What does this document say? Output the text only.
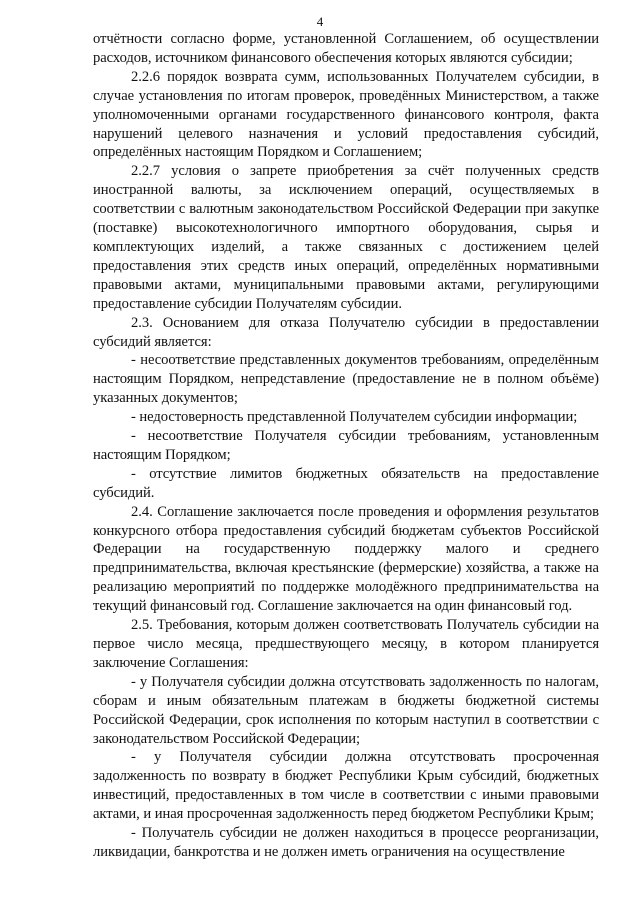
4

отчётности согласно форме, установленной Соглашением, об осуществлении расходов, источником финансового обеспечения которых являются субсидии;

2.2.6 порядок возврата сумм, использованных Получателем субсидии, в случае установления по итогам проверок, проведённых Министерством, а также уполномоченными органами государственного финансового контроля, факта нарушений целевого назначения и условий предоставления субсидий, определённых настоящим Порядком и Соглашением;

2.2.7 условия о запрете приобретения за счёт полученных средств иностранной валюты, за исключением операций, осуществляемых в соответствии с валютным законодательством Российской Федерации при закупке (поставке) высокотехнологичного импортного оборудования, сырья и комплектующих изделий, а также связанных с достижением целей предоставления этих средств иных операций, определённых нормативными правовыми актами, муниципальными правовыми актами, регулирующими предоставление субсидии Получателям субсидии.

2.3. Основанием для отказа Получателю субсидии в предоставлении субсидий является:

- несоответствие представленных документов требованиям, определённым настоящим Порядком, непредставление (предоставление не в полном объёме) указанных документов;

- недостоверность представленной Получателем субсидии информации;

- несоответствие Получателя субсидии требованиям, установленным настоящим Порядком;

- отсутствие лимитов бюджетных обязательств на предоставление субсидий.

2.4. Соглашение заключается после проведения и оформления результатов конкурсного отбора предоставления субсидий бюджетам субъектов Российской Федерации на государственную поддержку малого и среднего предпринимательства, включая крестьянские (фермерские) хозяйства, а также на реализацию мероприятий по поддержке молодёжного предпринимательства на текущий финансовый год. Соглашение заключается на один финансовый год.

2.5. Требования, которым должен соответствовать Получатель субсидии на первое число месяца, предшествующего месяцу, в котором планируется заключение Соглашения:

- у Получателя субсидии должна отсутствовать задолженность по налогам, сборам и иным обязательным платежам в бюджеты бюджетной системы Российской Федерации, срок исполнения по которым наступил в соответствии с законодательством Российской Федерации;

- у Получателя субсидии должна отсутствовать просроченная задолженность по возврату в бюджет Республики Крым субсидий, бюджетных инвестиций, предоставленных в том числе в соответствии с иными правовыми актами, и иная просроченная задолженность перед бюджетом Республики Крым;

- Получатель субсидии не должен находиться в процессе реорганизации, ликвидации, банкротства и не должен иметь ограничения на осуществление
